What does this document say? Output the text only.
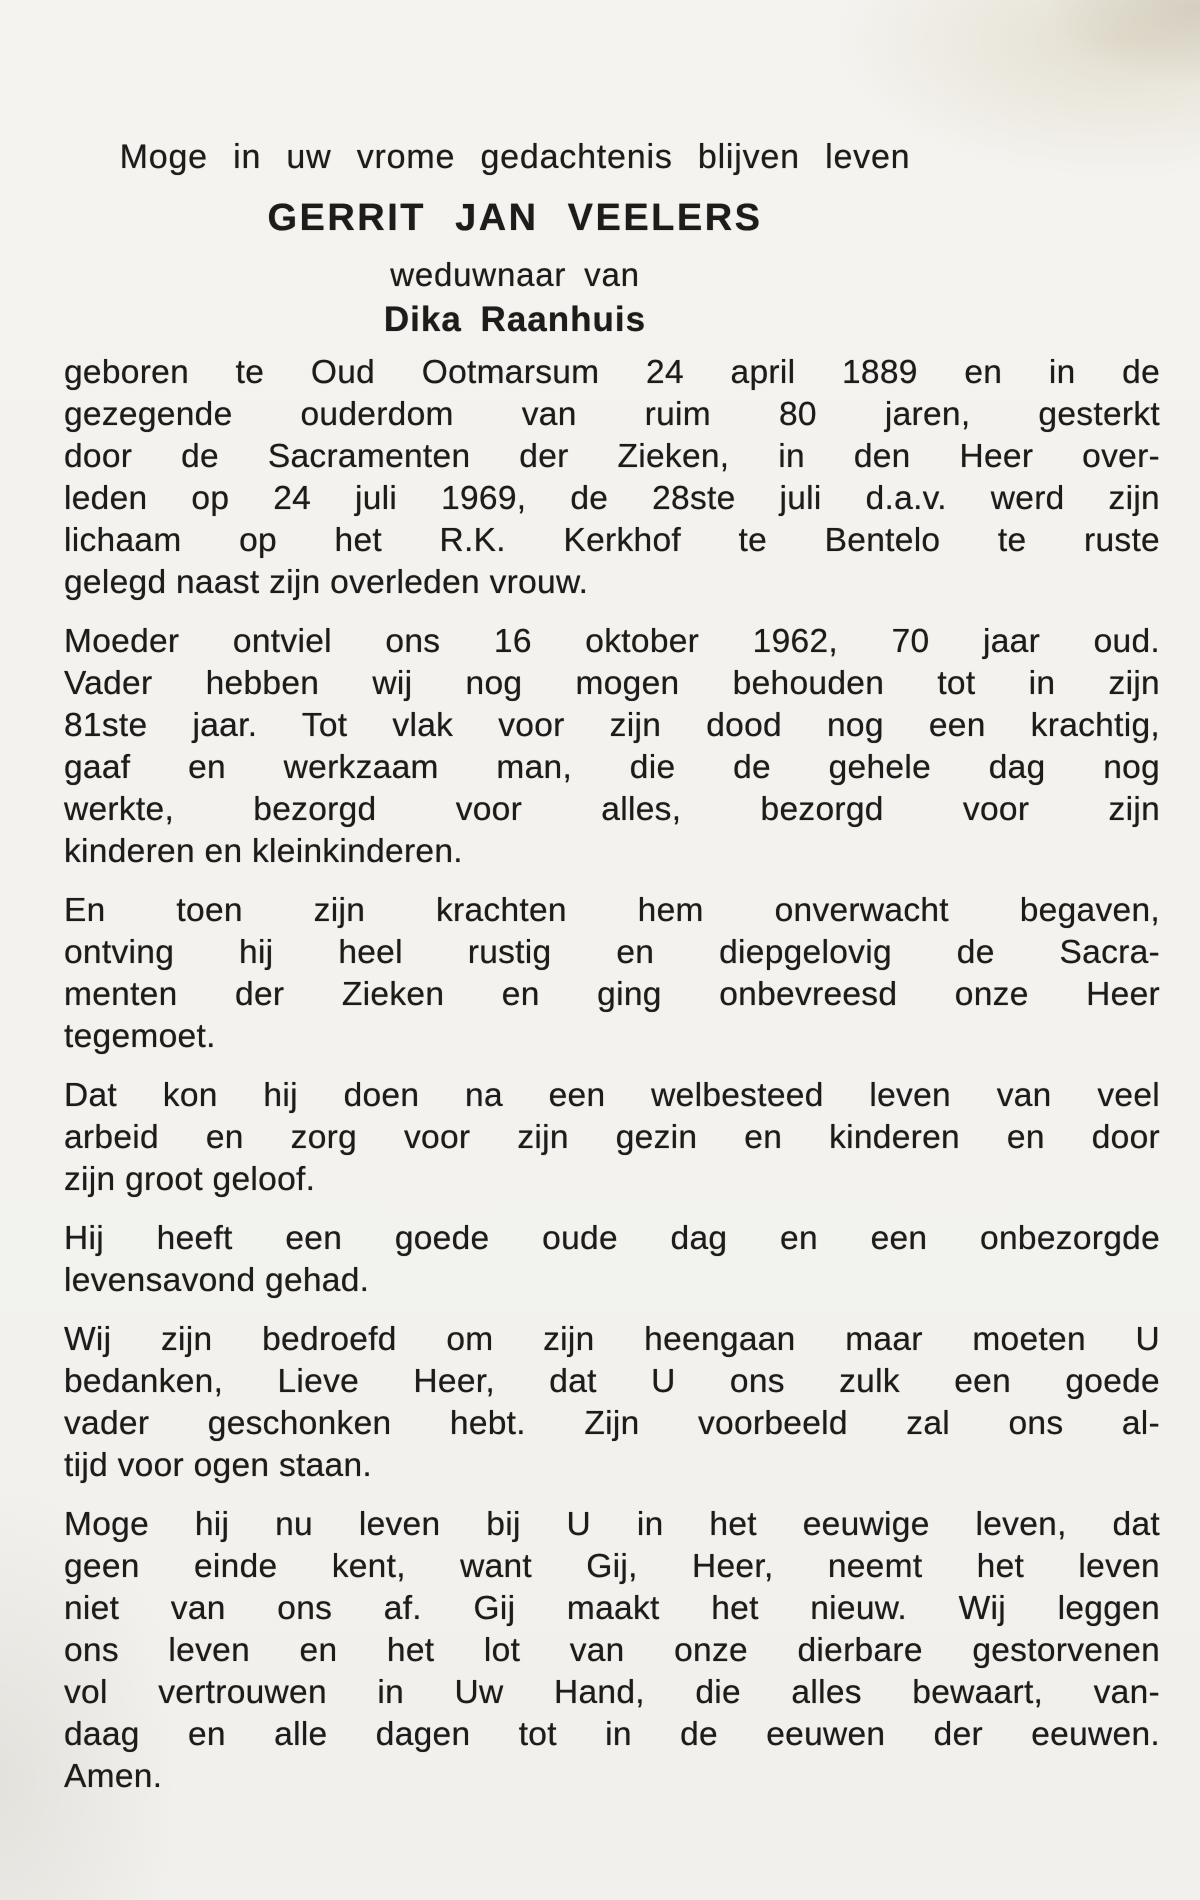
Moge in uw vrome gedachtenis blijven leven
GERRIT JAN VEELERS
weduwnaar van
Dika Raanhuis

geboren te Oud Ootmarsum 24 april 1889 en in de
gezegende ouderdom van ruim 80 jaren, gesterkt
door de Sacramenten der Zieken, in den Heer over-
leden op 24 juli 1969, de 28ste juli d.a.v. werd zijn
lichaam op het R.K. Kerkhof te Bentelo te ruste
gelegd naast zijn overleden vrouw.

Moeder ontviel ons 16 oktober 1962, 70 jaar oud.
Vader hebben wij nog mogen behouden tot in zijn
81ste jaar. Tot vlak voor zijn dood nog een krachtig,
gaaf en werkzaam man, die de gehele dag nog
werkte, bezorgd voor alles, bezorgd voor zijn
kinderen en kleinkinderen.

En toen zijn krachten hem onverwacht begaven,
ontving hij heel rustig en diepgelovig de Sacra-
menten der Zieken en ging onbevreesd onze Heer
tegemoet.

Dat kon hij doen na een welbesteed leven van veel
arbeid en zorg voor zijn gezin en kinderen en door
zijn groot geloof.

Hij heeft een goede oude dag en een onbezorgde
levensavond gehad.

Wij zijn bedroefd om zijn heengaan maar moeten U
bedanken, Lieve Heer, dat U ons zulk een goede
vader geschonken hebt. Zijn voorbeeld zal ons al-
tijd voor ogen staan.

Moge hij nu leven bij U in het eeuwige leven, dat
geen einde kent, want Gij, Heer, neemt het leven
niet van ons af. Gij maakt het nieuw. Wij leggen
ons leven en het lot van onze dierbare gestorvenen
vol vertrouwen in Uw Hand, die alles bewaart, van-
daag en alle dagen tot in de eeuwen der eeuwen.
Amen.
